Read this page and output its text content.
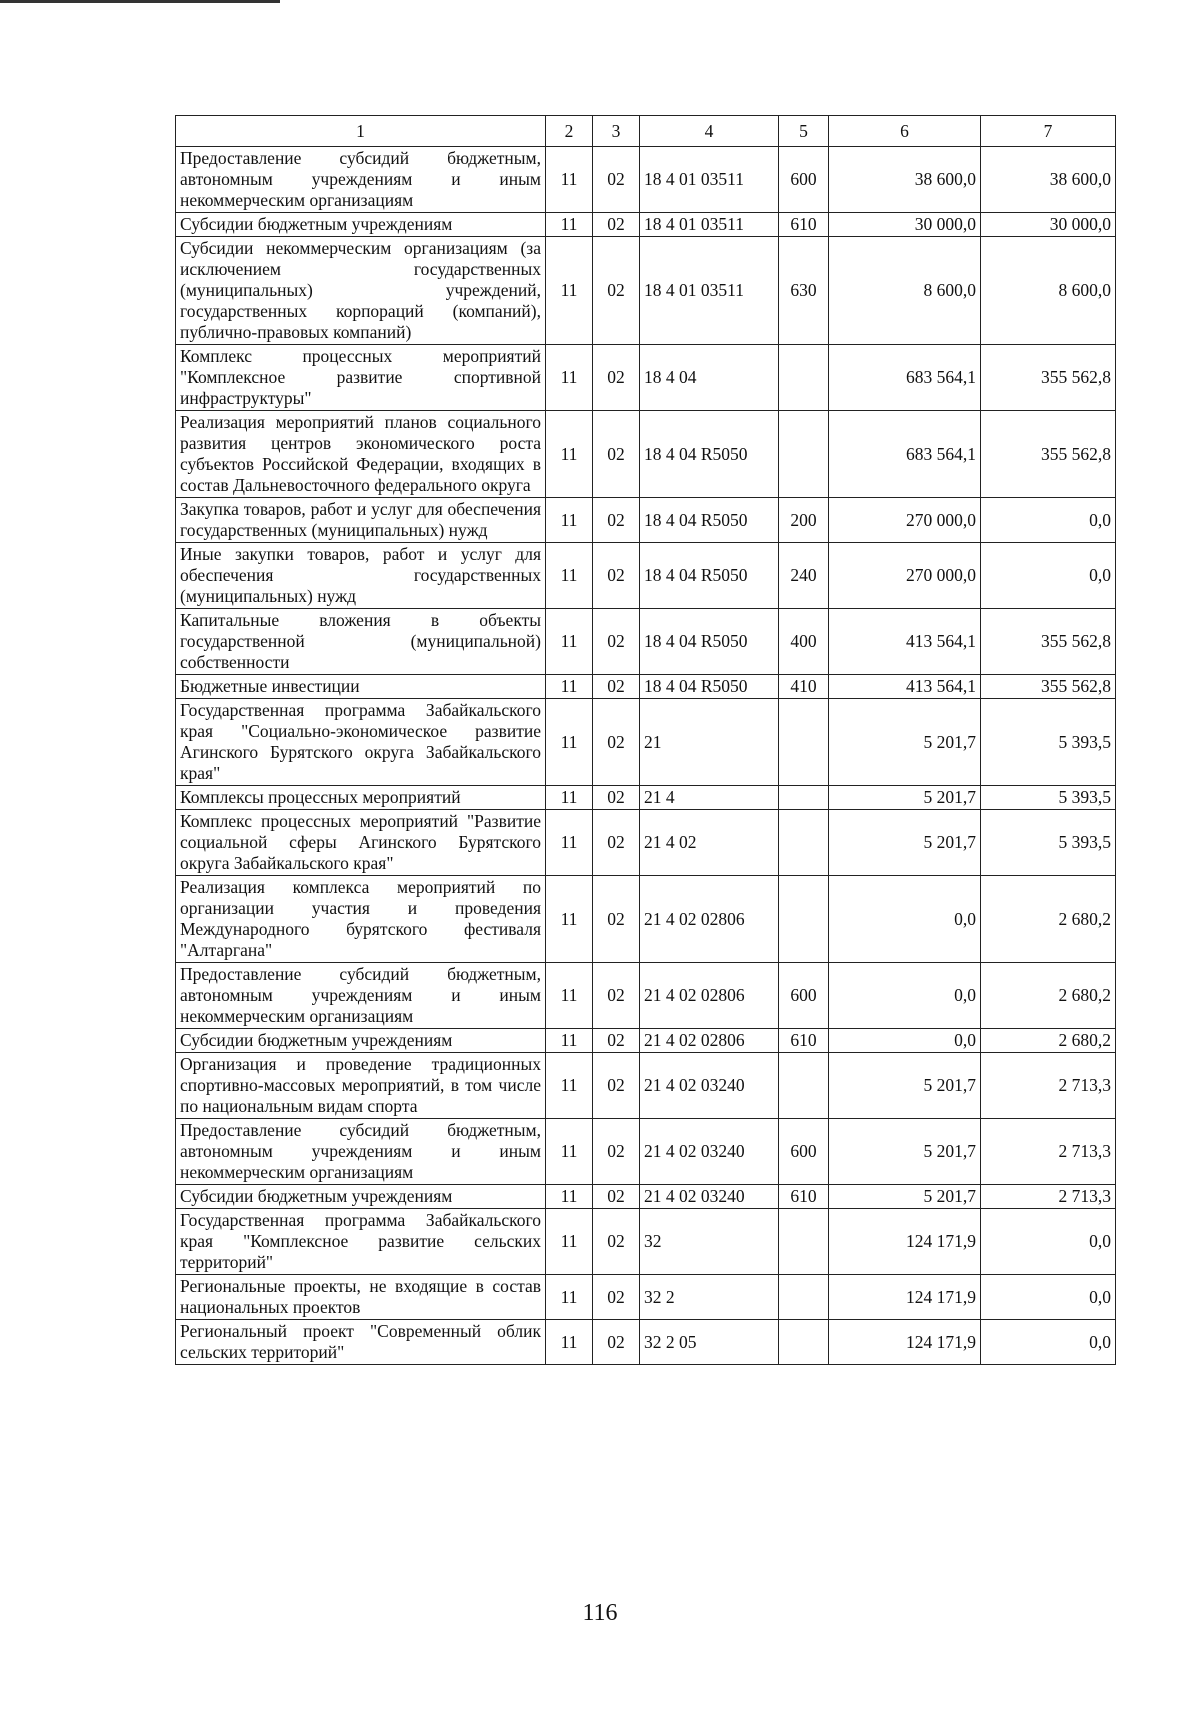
1	2	3	4	5	6	7
Предоставление субсидий бюджетным, автономным учреждениям и иным некоммерческим организациям	11	02	18 4 01 03511	600	38 600,0	38 600,0
Субсидии бюджетным учреждениям	11	02	18 4 01 03511	610	30 000,0	30 000,0
Субсидии некоммерческим организациям (за исключением государственных (муниципальных) учреждений, государственных корпораций (компаний), публично-правовых компаний)	11	02	18 4 01 03511	630	8 600,0	8 600,0
Комплекс процессных мероприятий "Комплексное развитие спортивной инфраструктуры"	11	02	18 4 04		683 564,1	355 562,8
Реализация мероприятий планов социального развития центров экономического роста субъектов Российской Федерации, входящих в состав Дальневосточного федерального округа	11	02	18 4 04 R5050		683 564,1	355 562,8
Закупка товаров, работ и услуг для обеспечения государственных (муниципальных) нужд	11	02	18 4 04 R5050	200	270 000,0	0,0
Иные закупки товаров, работ и услуг для обеспечения государственных (муниципальных) нужд	11	02	18 4 04 R5050	240	270 000,0	0,0
Капитальные вложения в объекты государственной (муниципальной) собственности	11	02	18 4 04 R5050	400	413 564,1	355 562,8
Бюджетные инвестиции	11	02	18 4 04 R5050	410	413 564,1	355 562,8
Государственная программа Забайкальского края "Социально-экономическое развитие Агинского Бурятского округа Забайкальского края"	11	02	21		5 201,7	5 393,5
Комплексы процессных мероприятий	11	02	21 4		5 201,7	5 393,5
Комплекс процессных мероприятий "Развитие социальной сферы Агинского Бурятского округа Забайкальского края"	11	02	21 4 02		5 201,7	5 393,5
Реализация комплекса мероприятий по организации участия и проведения Международного бурятского фестиваля "Алтаргана"	11	02	21 4 02 02806		0,0	2 680,2
Предоставление субсидий бюджетным, автономным учреждениям и иным некоммерческим организациям	11	02	21 4 02 02806	600	0,0	2 680,2
Субсидии бюджетным учреждениям	11	02	21 4 02 02806	610	0,0	2 680,2
Организация и проведение традиционных спортивно-массовых мероприятий, в том числе по национальным видам спорта	11	02	21 4 02 03240		5 201,7	2 713,3
Предоставление субсидий бюджетным, автономным учреждениям и иным некоммерческим организациям	11	02	21 4 02 03240	600	5 201,7	2 713,3
Субсидии бюджетным учреждениям	11	02	21 4 02 03240	610	5 201,7	2 713,3
Государственная программа Забайкальского края "Комплексное развитие сельских территорий"	11	02	32		124 171,9	0,0
Региональные проекты, не входящие в состав национальных проектов	11	02	32 2		124 171,9	0,0
Региональный проект "Современный облик сельских территорий"	11	02	32 2 05		124 171,9	0,0
116
